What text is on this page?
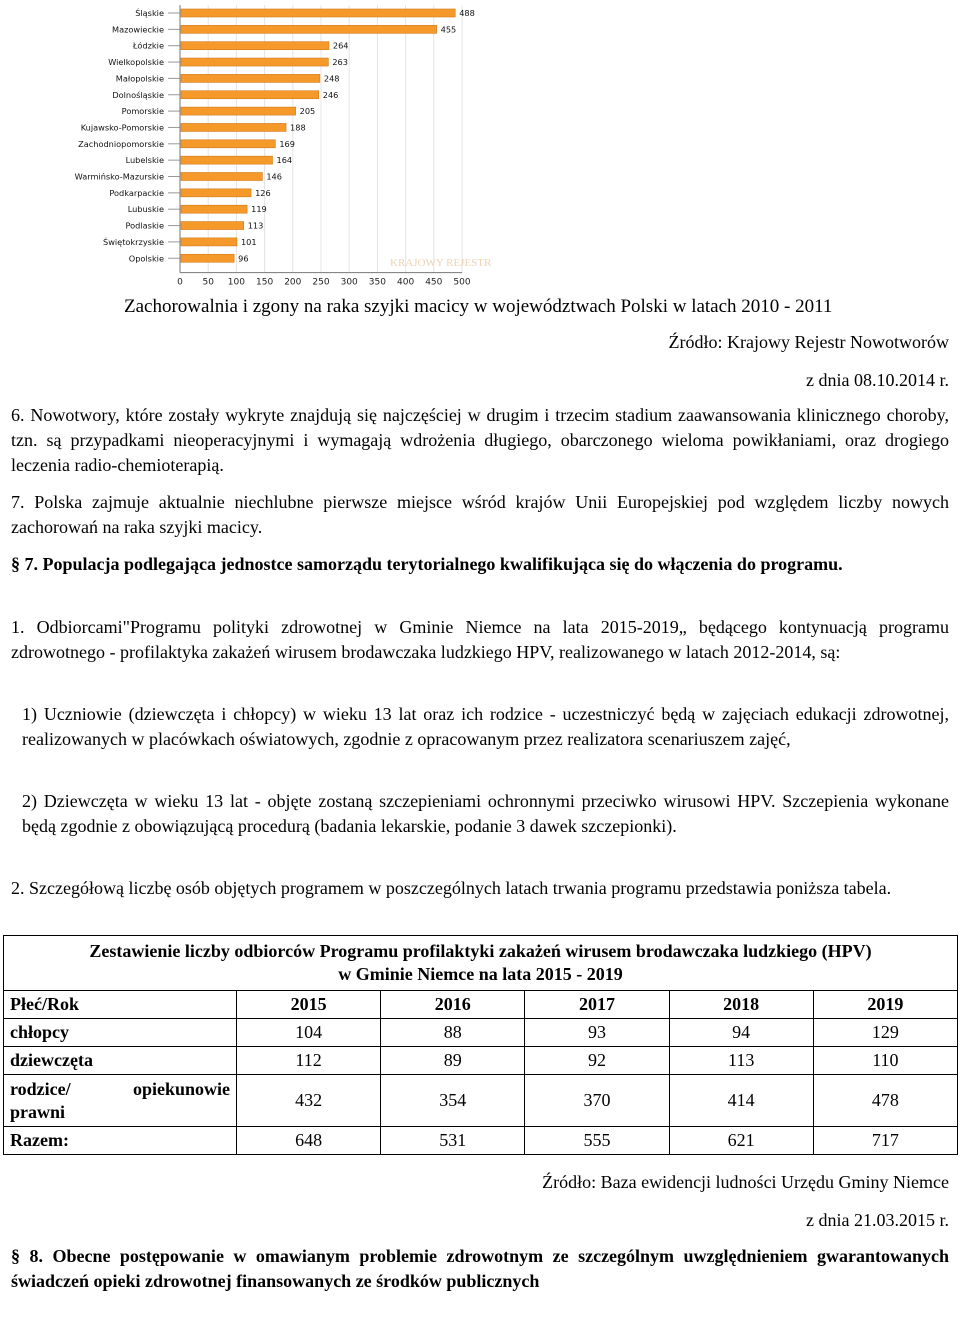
KRAJOWY REJESTR
Śląskie	488
Mazowieckie	455
Łódzkie	264
Wielkopolskie	263
Małopolskie	248
Dolnośląskie	246
Pomorskie	205
Kujawsko-Pomorskie	188
Zachodniopomorskie	169
Lubelskie	164
Warmińsko-Mazurskie	146
Podkarpackie	126
Lubuskie	119
Podlaskie	113
Świętokrzyskie	101
Opolskie	96
0 50 100 150 200 250 300 350 400 450 500
Zachorowalnia i zgony na raka szyjki macicy w województwach Polski w latach 2010 - 2011
Źródło: Krajowy Rejestr Nowotworów
z dnia 08.10.2014 r.

6. Nowotwory, które zostały wykryte znajdują się najczęściej w drugim i trzecim stadium zaawansowania klinicznego choroby, tzn. są przypadkami nieoperacyjnymi i wymagają wdrożenia długiego, obarczonego wieloma powikłaniami, oraz drogiego leczenia radio-chemioterapią.

7. Polska zajmuje aktualnie niechlubne pierwsze miejsce wśród krajów Unii Europejskiej pod względem liczby nowych zachorowań na raka szyjki macicy.

§ 7. Populacja podlegająca jednostce samorządu terytorialnego kwalifikująca się do włączenia do programu.

1. Odbiorcami"Programu polityki zdrowotnej w Gminie Niemce na lata 2015-2019„ będącego kontynuacją programu zdrowotnego - profilaktyka zakażeń wirusem brodawczaka ludzkiego HPV, realizowanego w latach 2012-2014, są:

1) Uczniowie (dziewczęta i chłopcy) w wieku 13 lat oraz ich rodzice - uczestniczyć będą w zajęciach edukacji zdrowotnej, realizowanych w placówkach oświatowych, zgodnie z opracowanym przez realizatora scenariuszem zajęć,

2) Dziewczęta w wieku 13 lat - objęte zostaną szczepieniami ochronnymi przeciwko wirusowi HPV. Szczepienia wykonane będą zgodnie z obowiązującą procedurą (badania lekarskie, podanie 3 dawek szczepionki).

2. Szczegółową liczbę osób objętych programem w poszczególnych latach trwania programu przedstawia poniższa tabela.

Zestawienie liczby odbiorców Programu profilaktyki zakażeń wirusem brodawczaka ludzkiego (HPV)
w Gminie Niemce na lata 2015 - 2019					

Płeć/Rok	2015	2016	2017	2018	2019
chłopcy	104	88	93	94	129
dziewczęta	112	89	92	113	110

rodzice/ opiekunowie
prawni	432	354	370	414	478
Razem:	648	531	555	621	717
Źródło: Baza ewidencji ludności Urzędu Gminy Niemce
z dnia 21.03.2015 r.

§ 8. Obecne postępowanie w omawianym problemie zdrowotnym ze szczególnym uwzględnieniem gwarantowanych świadczeń opieki zdrowotnej finansowanych ze środków publicznych
